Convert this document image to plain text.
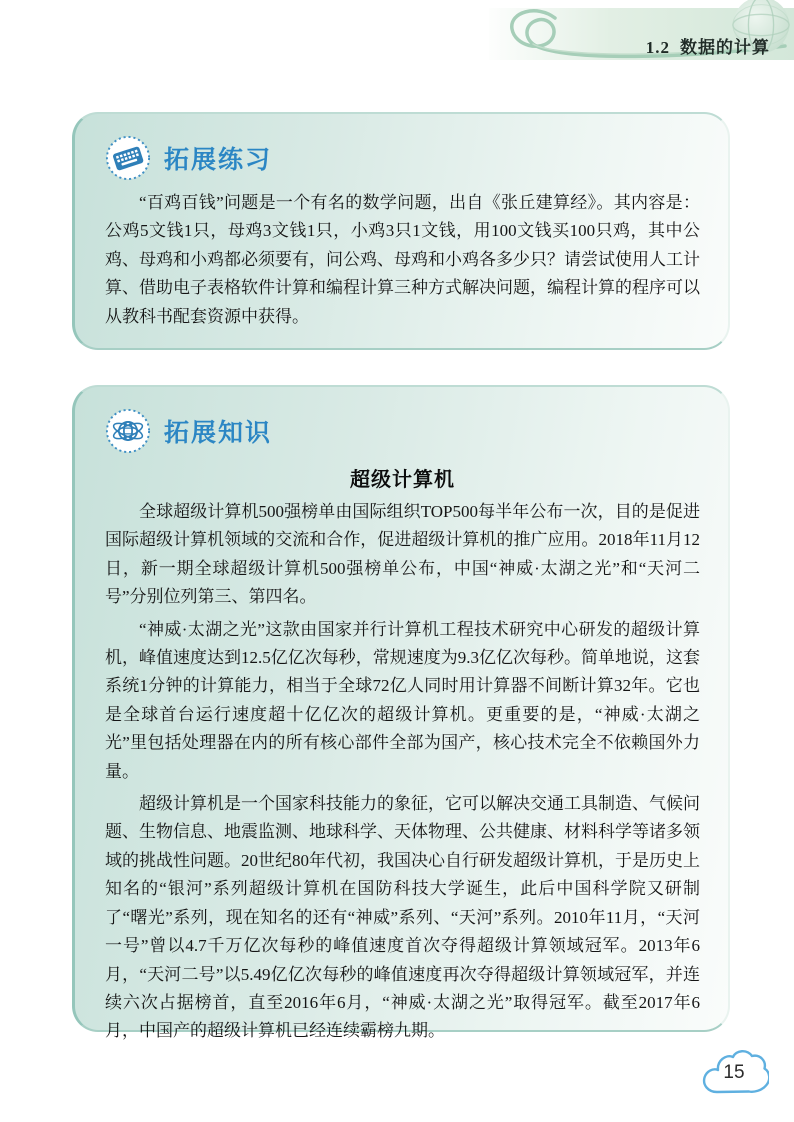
1.2 数据的计算
拓展练习

“百鸡百钱”问题是一个有名的数学问题，出自《张丘建算经》。其内容是：公鸡5文钱1只，母鸡3文钱1只，小鸡3只1文钱，用100文钱买100只鸡，其中公鸡、母鸡和小鸡都必须要有，问公鸡、母鸡和小鸡各多少只？请尝试使用人工计算、借助电子表格软件计算和编程计算三种方式解决问题，编程计算的程序可以从教科书配套资源中获得。

拓展知识
超级计算机

全球超级计算机500强榜单由国际组织TOP500每半年公布一次，目的是促进国际超级计算机领域的交流和合作，促进超级计算机的推广应用。2018年11月12日，新一期全球超级计算机500强榜单公布，中国“神威·太湖之光”和“天河二号”分别位列第三、第四名。

“神威·太湖之光”这款由国家并行计算机工程技术研究中心研发的超级计算机，峰值速度达到12.5亿亿次每秒，常规速度为9.3亿亿次每秒。简单地说，这套系统1分钟的计算能力，相当于全球72亿人同时用计算器不间断计算32年。它也是全球首台运行速度超十亿亿次的超级计算机。更重要的是，“神威·太湖之光”里包括处理器在内的所有核心部件全部为国产，核心技术完全不依赖国外力量。

超级计算机是一个国家科技能力的象征，它可以解决交通工具制造、气候问题、生物信息、地震监测、地球科学、天体物理、公共健康、材料科学等诸多领域的挑战性问题。20世纪80年代初，我国决心自行研发超级计算机，于是历史上知名的“银河”系列超级计算机在国防科技大学诞生，此后中国科学院又研制了“曙光”系列，现在知名的还有“神威”系列、“天河”系列。2010年11月，“天河一号”曾以4.7千万亿次每秒的峰值速度首次夺得超级计算领域冠军。2013年6月，“天河二号”以5.49亿亿次每秒的峰值速度再次夺得超级计算领域冠军，并连续六次占据榜首，直至2016年6月，“神威·太湖之光”取得冠军。截至2017年6月，中国产的超级计算机已经连续霸榜九期。

15
